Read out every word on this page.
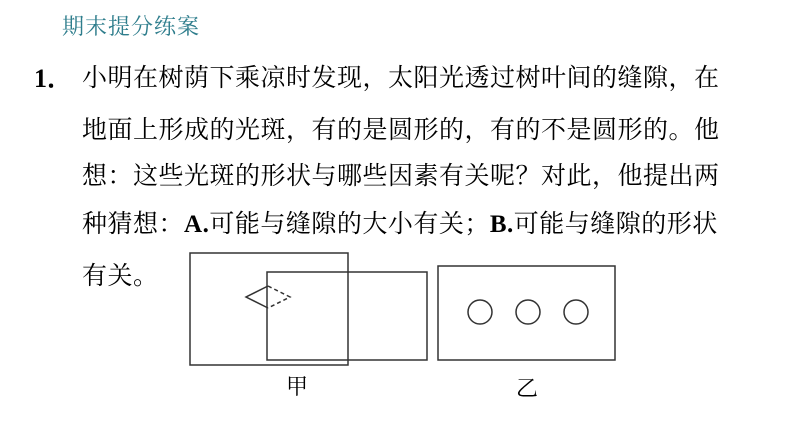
期末提分练案
1． 小明在树荫下乘凉时发现，太阳光透过树叶间的缝隙，在
地面上形成的光斑，有的是圆形的，有的不是圆形的。他
想：这些光斑的形状与哪些因素有关呢？对此，他提出两
种猜想：A.可能与缝隙的大小有关；B.可能与缝隙的形状
有关。
甲	乙
